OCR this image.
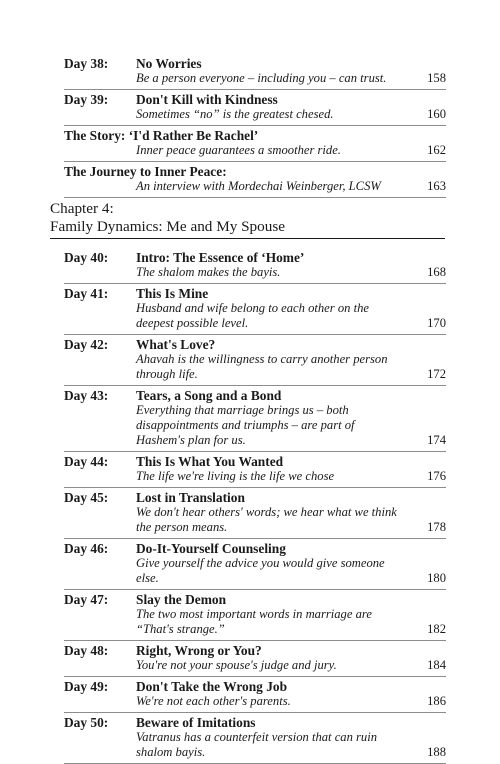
Day 38: No Worries
Be a person everyone – including you – can trust.	158
Day 39: Don't Kill with Kindness
Sometimes “no” is the greatest chesed.	160
The Story: ‘I'd Rather Be Rachel’
Inner peace guarantees a smoother ride.	162
The Journey to Inner Peace:
An interview with Mordechai Weinberger, LCSW	163
Chapter 4:
Family Dynamics: Me and My Spouse
Day 40: Intro: The Essence of ‘Home’
The shalom makes the bayis.	168
Day 41: This Is Mine
Husband and wife belong to each other on the deepest possible level.	170
Day 42: What's Love?
Ahavah is the willingness to carry another person through life.	172
Day 43: Tears, a Song and a Bond
Everything that marriage brings us – both disappointments and triumphs – are part of Hashem's plan for us.	174
Day 44: This Is What You Wanted
The life we're living is the life we chose	176
Day 45: Lost in Translation
We don't hear others' words; we hear what we think the person means.	178
Day 46: Do-It-Yourself Counseling
Give yourself the advice you would give someone else.	180
Day 47: Slay the Demon
The two most important words in marriage are “That's strange.”	182
Day 48: Right, Wrong or You?
You're not your spouse's judge and jury.	184
Day 49: Don't Take the Wrong Job
We're not each other's parents.	186
Day 50: Beware of Imitations
Vatranus has a counterfeit version that can ruin shalom bayis.	188
